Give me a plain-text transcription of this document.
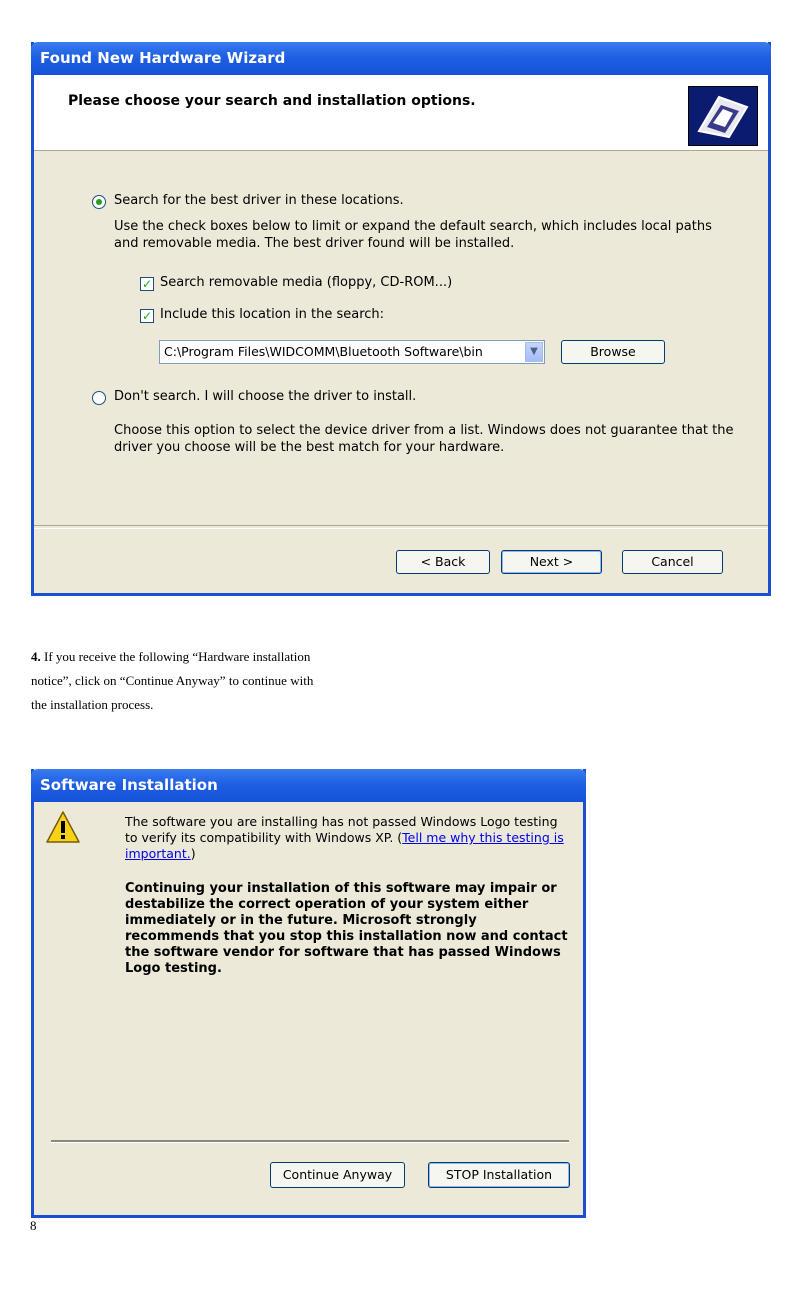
Found New Hardware Wizard
Please choose your search and installation options.
Search for the best driver in these locations.
Use the check boxes below to limit or expand the default search, which includes local paths and removable media. The best driver found will be installed.
✓ Search removable media (floppy, CD-ROM...)
✓ Include this location in the search:
C:\Program Files\WIDCOMM\Bluetooth Software\bin	▼	Browse
Don't search. I will choose the driver to install.
Choose this option to select the device driver from a list. Windows does not guarantee that the driver you choose will be the best match for your hardware.
< Back	Next >	Cancel
4. If you receive the following “Hardware installation notice”, click on “Continue Anyway” to continue with the installation process.
Software Installation
The software you are installing has not passed Windows Logo testing to verify its compatibility with Windows XP. (Tell me why this testing is important.)
Continuing your installation of this software may impair or destabilize the correct operation of your system either immediately or in the future. Microsoft strongly recommends that you stop this installation now and contact the software vendor for software that has passed Windows Logo testing.
Continue Anyway	STOP Installation
8
